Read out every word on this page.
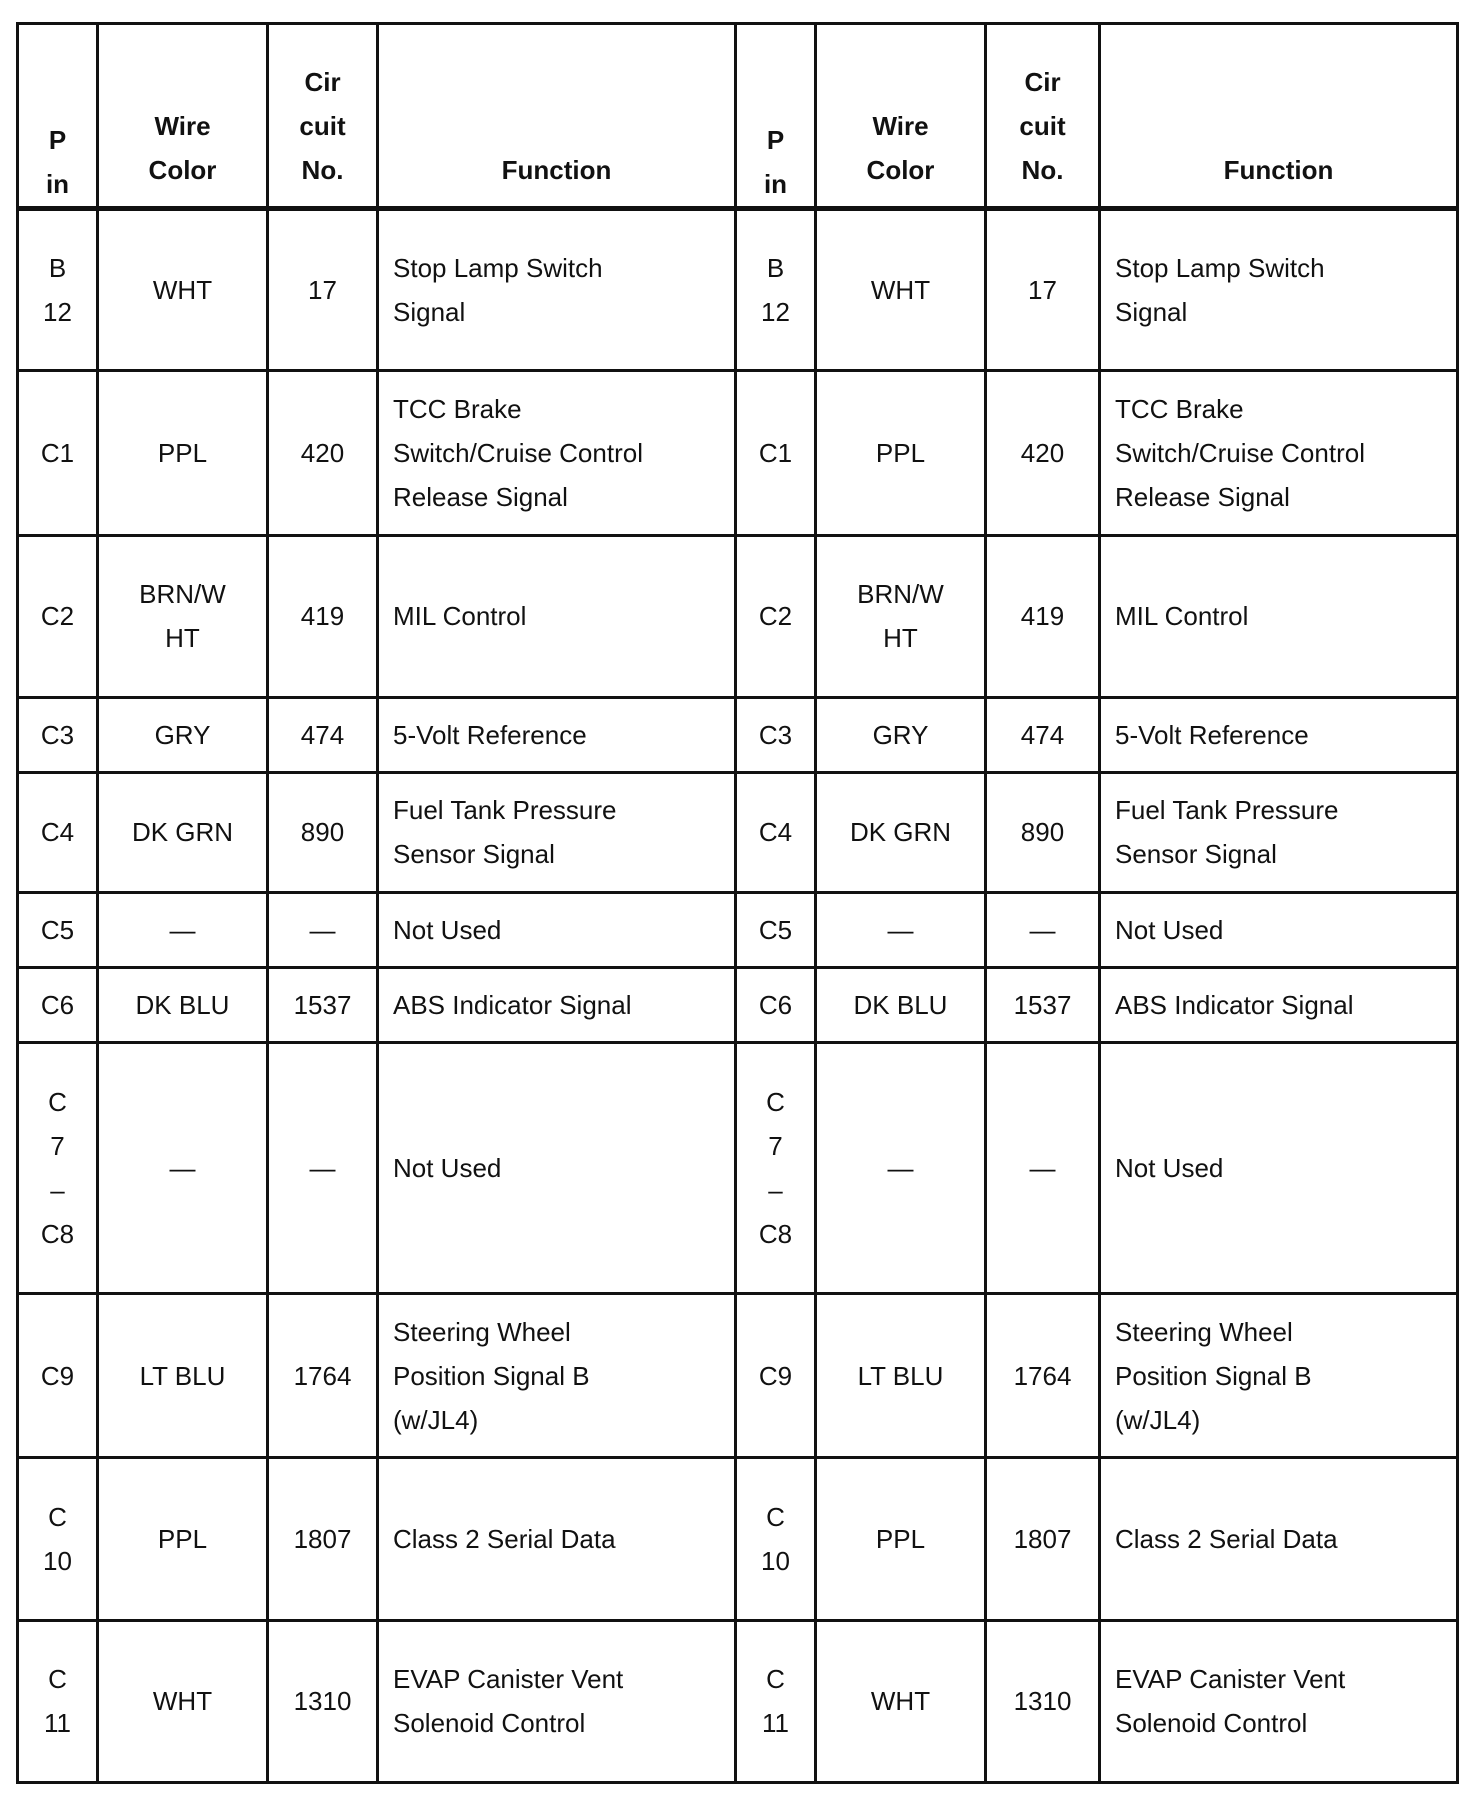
P
in	Wire
Color	Cir
cuit
No.	Function	P
in	Wire
Color	Cir
cuit
No.	Function

B
12	WHT	17	Stop Lamp Switch
Signal	B
12	WHT	17	Stop Lamp Switch
Signal

C1	PPL	420	TCC Brake
Switch/Cruise Control
Release Signal	C1	PPL	420	TCC Brake
Switch/Cruise Control
Release Signal

C2	BRN/W
HT	419	MIL Control	C2	BRN/W
HT	419	MIL Control

C3	GRY	474	5-Volt Reference	C3	GRY	474	5-Volt Reference

C4	DK GRN	890	Fuel Tank Pressure
Sensor Signal	C4	DK GRN	890	Fuel Tank Pressure
Sensor Signal

C5	—	—	Not Used	C5	—	—	Not Used

C6	DK BLU	1537	ABS Indicator Signal	C6	DK BLU	1537	ABS Indicator Signal

C
7
–
C8	—	—	Not Used	C
7
–
C8	—	—	Not Used

C9	LT BLU	1764	Steering Wheel
Position Signal B
(w/JL4)	C9	LT BLU	1764	Steering Wheel
Position Signal B
(w/JL4)

C
10	PPL	1807	Class 2 Serial Data	C
10	PPL	1807	Class 2 Serial Data

C
11	WHT	1310	EVAP Canister Vent
Solenoid Control	C
11	WHT	1310	EVAP Canister Vent
Solenoid Control
